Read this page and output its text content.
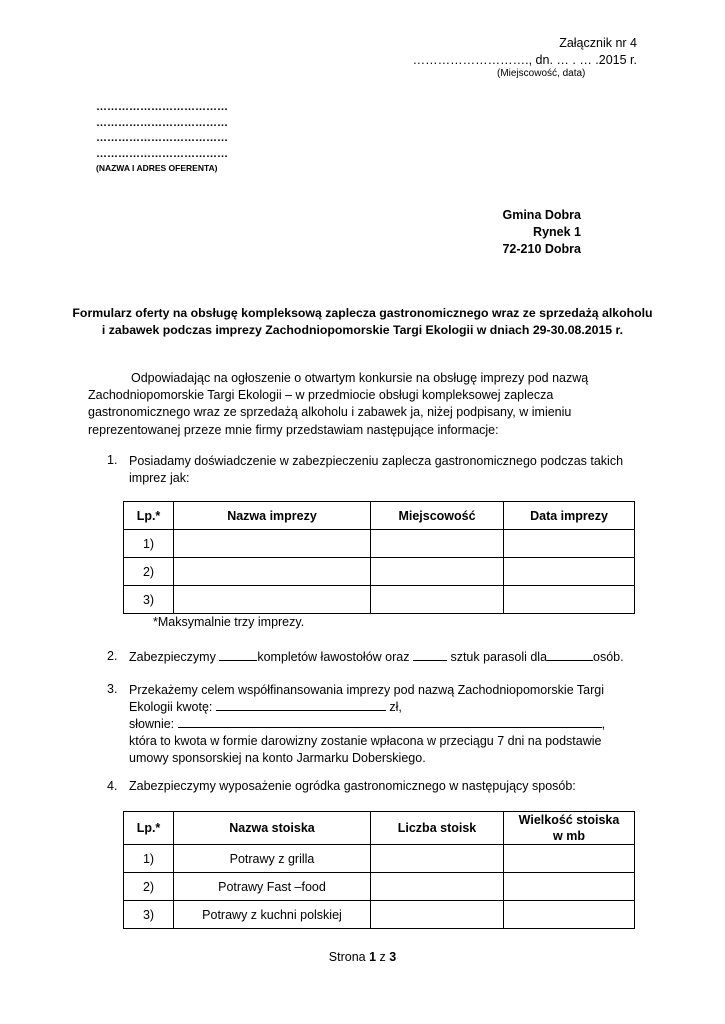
Załącznik nr 4
………………………., dn. … . … .2015 r.
(Miejscowość, data)
………………………………
………………………………
………………………………
………………………………
(NAZWA I ADRES OFERENTA)
Gmina Dobra
Rynek 1
72-210 Dobra
Formularz oferty na obsługę kompleksową zaplecza gastronomicznego wraz ze sprzedażą alkoholu
i zabawek podczas imprezy Zachodniopomorskie Targi Ekologii w dniach 29-30.08.2015 r.
Odpowiadając na ogłoszenie o otwartym konkursie na obsługę imprezy pod nazwą
Zachodniopomorskie Targi Ekologii – w przedmiocie obsługi kompleksowej zaplecza
gastronomicznego wraz ze sprzedażą alkoholu i zabawek ja, niżej podpisany, w imieniu
reprezentowanej przeze mnie firmy przedstawiam następujące informacje:
1. Posiadamy doświadczenie w zabezpieczeniu zaplecza gastronomicznego podczas takich
imprez jak:
Lp.*	Nazwa imprezy	Miejscowość	Data imprezy
1)			
2)			
3)			
*Maksymalnie trzy imprezy.
2. Zabezpieczymy	kompletów ławostołów oraz	sztuk parasoli dla	osób.
3. Przekażemy celem współfinansowania imprezy pod nazwą Zachodniopomorskie Targi
Ekologii kwotę:	zł,
słownie:	,
która to kwota w formie darowizny zostanie wpłacona w przeciągu 7 dni na podstawie
umowy sponsorskiej na konto Jarmarku Doberskiego.
4. Zabezpieczymy wyposażenie ogródka gastronomicznego w następujący sposób:
Lp.*	Nazwa stoiska	Liczba stoisk	Wielkość stoiska
w mb

1)	Potrawy z grilla		
2)	Potrawy Fast –food		
3)	Potrawy z kuchni polskiej		
Strona 1 z 3
